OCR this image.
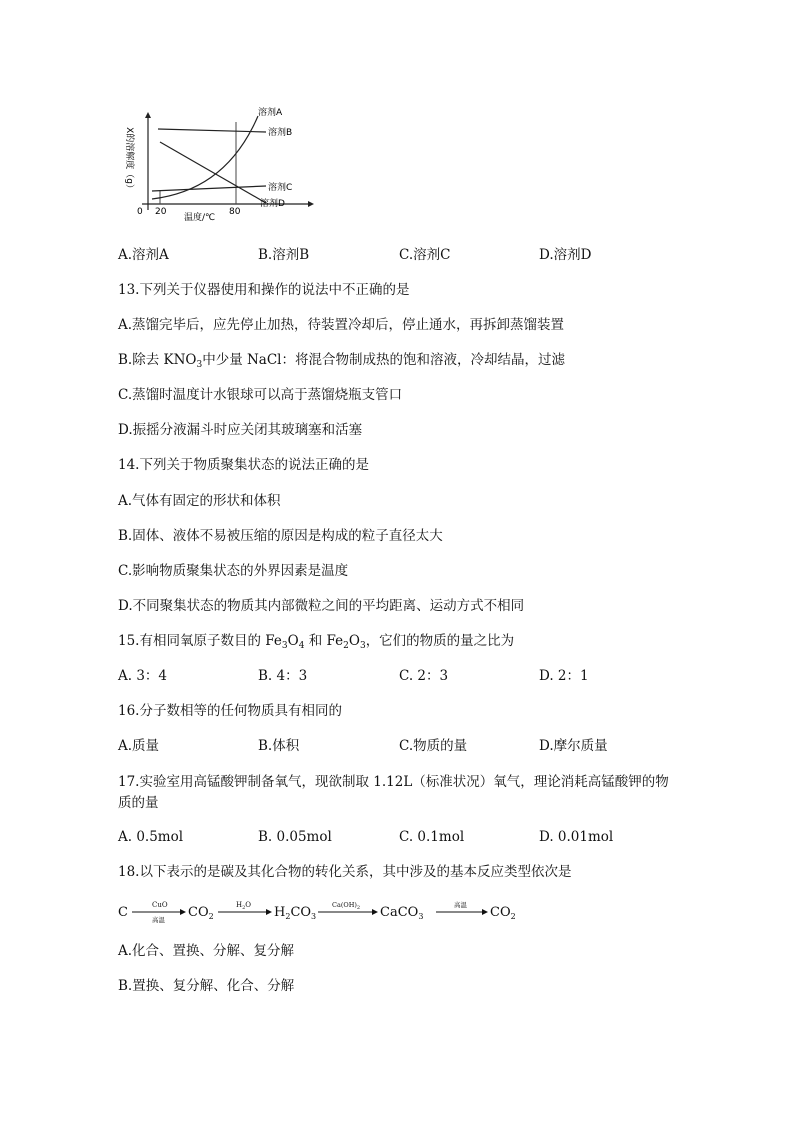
X的溶解度（g）
0 20	80
温度/℃
溶剂A
溶剂B
溶剂C
溶剂D
A.溶剂A	B.溶剂B	C.溶剂C	D.溶剂D
13.下列关于仪器使用和操作的说法中不正确的是
A.蒸馏完毕后，应先停止加热，待装置冷却后，停止通水，再拆卸蒸馏装置
B.除去 $KNO_3$中少量 NaCl：将混合物制成热的饱和溶液，冷却结晶，过滤
C.蒸馏时温度计水银球可以高于蒸馏烧瓶支管口
D.振摇分液漏斗时应关闭其玻璃塞和活塞
14.下列关于物质聚集状态的说法正确的是
A.气体有固定的形状和体积
B.固体、液体不易被压缩的原因是构成的粒子直径太大
C.影响物质聚集状态的外界因素是温度
D.不同聚集状态的物质其内部微粒之间的平均距离、运动方式不相同
15.有相同氧原子数目的 $Fe_3O_4$ 和 $Fe_2O_3$，它们的物质的量之比为
A. 3：4	B. 4：3	C. 2：3	D. 2：1
16.分子数相等的任何物质具有相同的
A.质量	B.体积	C.物质的量	D.摩尔质量
17.实验室用高锰酸钾制备氧气，现欲制取 1.12L（标准状况）氧气，理论消耗高锰酸钾的物
质的量
A. 0.5mol	B. 0.05mol	C. 0.1mol	D. 0.01mol
18.以下表示的是碳及其化合物的转化关系，其中涉及的基本反应类型依次是
C	CuO
高温 $CO_2$
$H_2O$ $H_2CO_3$
$Ca(OH)_2$ CaCO$_3$
高温 $CO_2$
A.化合、置换、分解、复分解
B.置换、复分解、化合、分解
